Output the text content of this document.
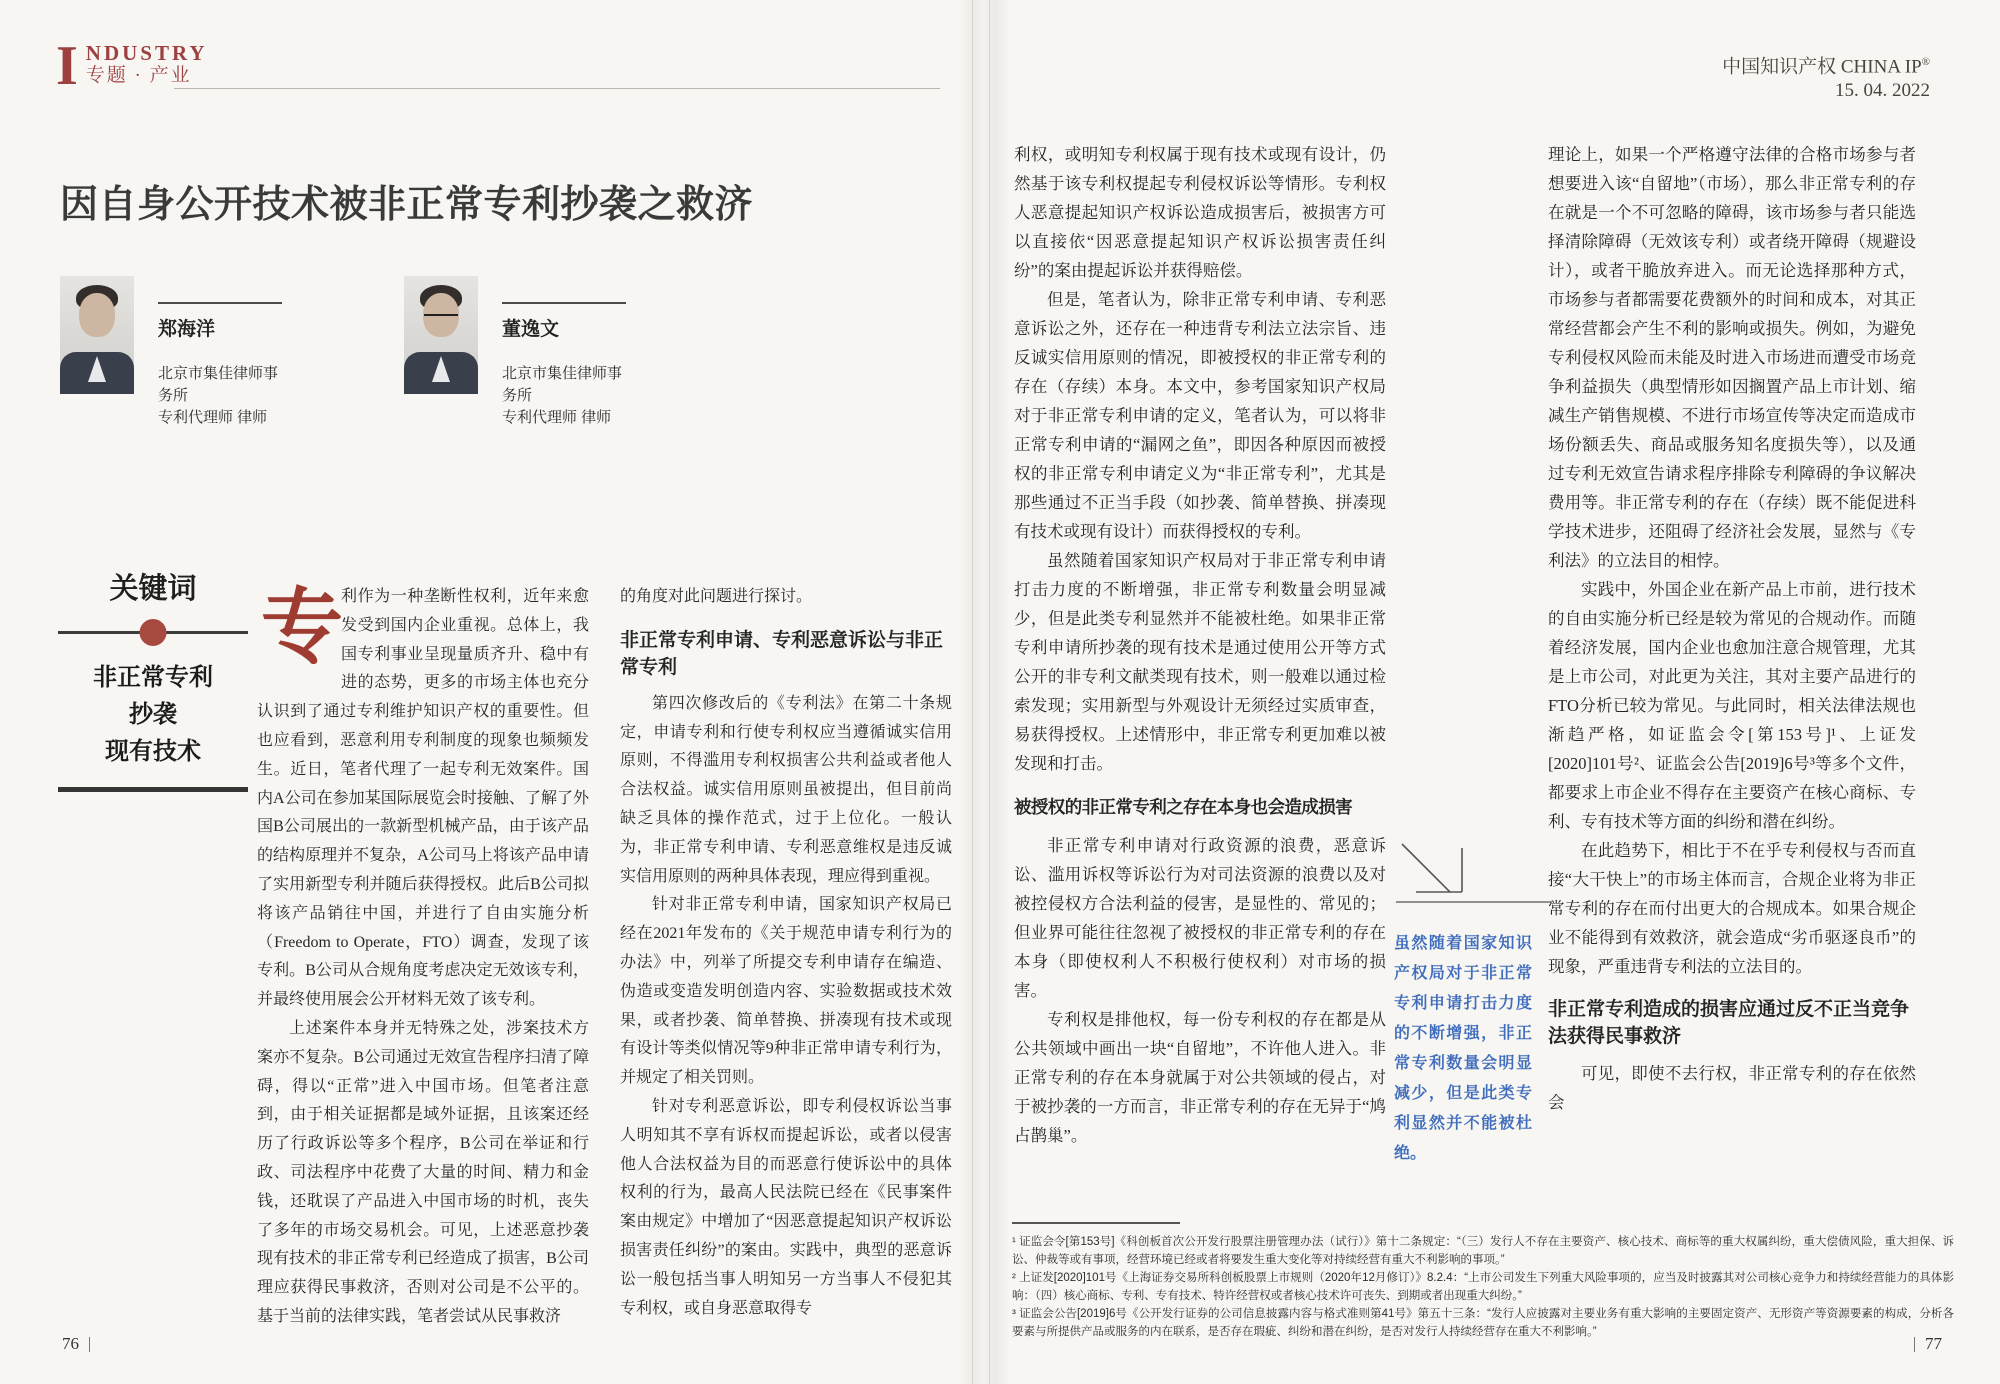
I NDUSTRY
专题 · 产业	中国知识产权 CHINA IP®
15. 04. 2022
因自身公开技术被非正常专利抄袭之救济
郑海洋
北京市集佳律师事务所
专利代理师 律师
董逸文
北京市集佳律师事务所
专利代理师 律师
关键词
非正常专利
抄袭
现有技术

专
利作为一种垄断性权利，近年来愈发受到国内企业重视。总体上，我国专利事业呈现量质齐升、稳中有进的态势，更多的市场主体也充分认识到了通过专利维护知识产权的重要性。但也应看到，恶意利用专利制度的现象也频频发生。近日，笔者代理了一起专利无效案件。国内A公司在参加某国际展览会时接触、了解了外国B公司展出的一款新型机械产品，由于该产品的结构原理并不复杂，A公司马上将该产品申请了实用新型专利并随后获得授权。此后B公司拟将该产品销往中国，并进行了自由实施分析（Freedom to Operate，FTO）调查，发现了该专利。B公司从合规角度考虑决定无效该专利，并最终使用展会公开材料无效了该专利。

上述案件本身并无特殊之处，涉案技术方案亦不复杂。B公司通过无效宣告程序扫清了障碍，得以“正常”进入中国市场。但笔者注意到，由于相关证据都是域外证据，且该案还经历了行政诉讼等多个程序，B公司在举证和行政、司法程序中花费了大量的时间、精力和金钱，还耽误了产品进入中国市场的时机，丧失了多年的市场交易机会。可见，上述恶意抄袭现有技术的非正常专利已经造成了损害，B公司理应获得民事救济，否则对公司是不公平的。基于当前的法律实践，笔者尝试从民事救济

的角度对此问题进行探讨。

非正常专利申请、专利恶意诉讼与非正常专利

第四次修改后的《专利法》在第二十条规定，申请专利和行使专利权应当遵循诚实信用原则，不得滥用专利权损害公共利益或者他人合法权益。诚实信用原则虽被提出，但目前尚缺乏具体的操作范式，过于上位化。一般认为，非正常专利申请、专利恶意维权是违反诚实信用原则的两种具体表现，理应得到重视。

针对非正常专利申请，国家知识产权局已经在2021年发布的《关于规范申请专利行为的办法》中，列举了所提交专利申请存在编造、伪造或变造发明创造内容、实验数据或技术效果，或者抄袭、简单替换、拼凑现有技术或现有设计等类似情况等9种非正常申请专利行为，并规定了相关罚则。

针对专利恶意诉讼，即专利侵权诉讼当事人明知其不享有诉权而提起诉讼，或者以侵害他人合法权益为目的而恶意行使诉讼中的具体权利的行为，最高人民法院已经在《民事案件案由规定》中增加了“因恶意提起知识产权诉讼损害责任纠纷”的案由。实践中，典型的恶意诉讼一般包括当事人明知另一方当事人不侵犯其专利权，或自身恶意取得专

利权，或明知专利权属于现有技术或现有设计，仍然基于该专利权提起专利侵权诉讼等情形。专利权人恶意提起知识产权诉讼造成损害后，被损害方可以直接依“因恶意提起知识产权诉讼损害责任纠纷”的案由提起诉讼并获得赔偿。

但是，笔者认为，除非正常专利申请、专利恶意诉讼之外，还存在一种违背专利法立法宗旨、违反诚实信用原则的情况，即被授权的非正常专利的存在（存续）本身。本文中，参考国家知识产权局对于非正常专利申请的定义，笔者认为，可以将非正常专利申请的“漏网之鱼”，即因各种原因而被授权的非正常专利申请定义为“非正常专利”，尤其是那些通过不正当手段（如抄袭、简单替换、拼凑现有技术或现有设计）而获得授权的专利。

虽然随着国家知识产权局对于非正常专利申请打击力度的不断增强，非正常专利数量会明显减少，但是此类专利显然并不能被杜绝。如果非正常专利申请所抄袭的现有技术是通过使用公开等方式公开的非专利文献类现有技术，则一般难以通过检索发现；实用新型与外观设计无须经过实质审查，易获得授权。上述情形中，非正常专利更加难以被发现和打击。

被授权的非正常专利之存在本身也会造成损害

非正常专利申请对行政资源的浪费，恶意诉讼、滥用诉权等诉讼行为对司法资源的浪费以及对被控侵权方合法利益的侵害，是显性的、常见的；但业界可能往往忽视了被授权的非正常专利的存在本身（即使权利人不积极行使权利）对市场的损害。

专利权是排他权，每一份专利权的存在都是从公共领域中画出一块“自留地”，不许他人进入。非正常专利的存在本身就属于对公共领域的侵占，对于被抄袭的一方而言，非正常专利的存在无异于“鸠占鹊巢”。

虽然随着国家知识产权局对于非正常专利申请打击力度的不断增强，非正常专利数量会明显减少，但是此类专利显然并不能被杜绝。

理论上，如果一个严格遵守法律的合格市场参与者想要进入该“自留地”（市场），那么非正常专利的存在就是一个不可忽略的障碍，该市场参与者只能选择清除障碍（无效该专利）或者绕开障碍（规避设计），或者干脆放弃进入。而无论选择那种方式，市场参与者都需要花费额外的时间和成本，对其正常经营都会产生不利的影响或损失。例如，为避免专利侵权风险而未能及时进入市场进而遭受市场竞争利益损失（典型情形如因搁置产品上市计划、缩减生产销售规模、不进行市场宣传等决定而造成市场份额丢失、商品或服务知名度损失等），以及通过专利无效宣告请求程序排除专利障碍的争议解决费用等。非正常专利的存在（存续）既不能促进科学技术进步，还阻碍了经济社会发展，显然与《专利法》的立法目的相悖。

实践中，外国企业在新产品上市前，进行技术的自由实施分析已经是较为常见的合规动作。而随着经济发展，国内企业也愈加注意合规管理，尤其是上市公司，对此更为关注，其对主要产品进行的FTO分析已较为常见。与此同时，相关法律法规也渐趋严格，如证监会令[第153号]¹、上证发[2020]101号²、证监会公告[2019]6号³等多个文件，都要求上市企业不得存在主要资产在核心商标、专利、专有技术等方面的纠纷和潜在纠纷。

在此趋势下，相比于不在乎专利侵权与否而直接“大干快上”的市场主体而言，合规企业将为非正常专利的存在而付出更大的合规成本。如果合规企业不能得到有效救济，就会造成“劣币驱逐良币”的现象，严重违背专利法的立法目的。

非正常专利造成的损害应通过反不正当竞争法获得民事救济

可见，即使不去行权，非正常专利的存在依然会

¹ 证监会令[第153号]《科创板首次公开发行股票注册管理办法（试行）》第十二条规定：“（三）发行人不存在主要资产、核心技术、商标等的重大权属纠纷，重大偿债风险，重大担保、诉讼、仲裁等或有事项，经营环境已经或者将要发生重大变化等对持续经营有重大不利影响的事项。”

² 上证发[2020]101号《上海证券交易所科创板股票上市规则（2020年12月修订）》8.2.4：“上市公司发生下列重大风险事项的，应当及时披露其对公司核心竞争力和持续经营能力的具体影响：（四）核心商标、专利、专有技术、特许经营权或者核心技术许可丧失、到期或者出现重大纠纷。”

³ 证监会公告[2019]6号《公开发行证券的公司信息披露内容与格式准则第41号》第五十三条：“发行人应披露对主要业务有重大影响的主要固定资产、无形资产等资源要素的构成，分析各要素与所提供产品或服务的内在联系，是否存在瑕疵、纠纷和潜在纠纷，是否对发行人持续经营存在重大不利影响。”

76	77
